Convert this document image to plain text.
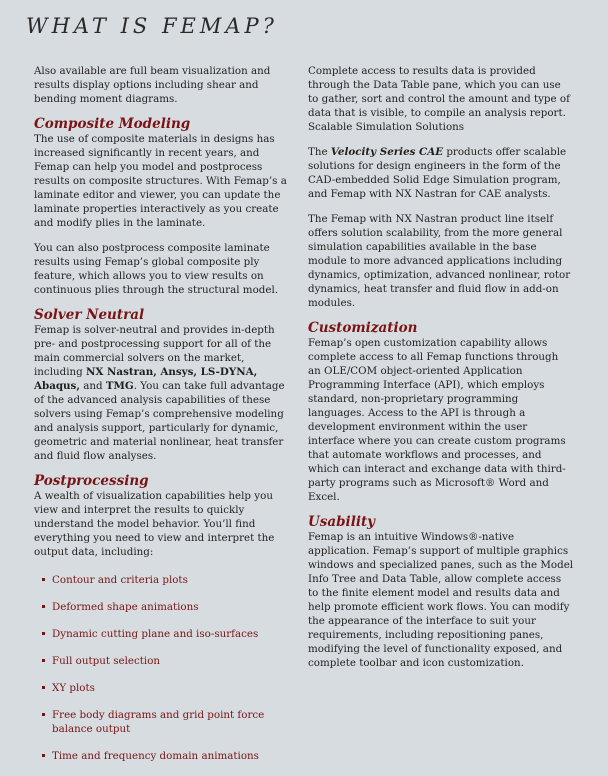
WHAT IS FEMAP?

Also available are full beam visualization and results display options including shear and bending moment diagrams.

Composite Modeling

The use of composite materials in designs has increased significantly in recent years, and Femap can help you model and postprocess results on composite structures. With Femap’s a laminate editor and viewer, you can update the laminate properties interactively as you create and modify plies in the laminate.

You can also postprocess composite laminate results using Femap’s global composite ply feature, which allows you to view results on continuous plies through the structural model.

Solver Neutral

Femap is solver-neutral and provides in-depth pre- and postprocessing support for all of the main commercial solvers on the market, including NX Nastran, Ansys, LS-DYNA, Abaqus, and TMG. You can take full advantage of the advanced analysis capabilities of these solvers using Femap’s comprehensive modeling and analysis support, particularly for dynamic, geometric and material nonlinear, heat transfer and fluid flow analyses.

Postprocessing

A wealth of visualization capabilities help you view and interpret the results to quickly understand the model behavior. You’ll find everything you need to view and interpret the output data, including:

Contour and criteria plots
Deformed shape animations
Dynamic cutting plane and iso-surfaces
Full output selection
XY plots
Free body diagrams and grid point force balance output
Time and frequency domain animations

Complete access to results data is provided through the Data Table pane, which you can use to gather, sort and control the amount and type of data that is visible, to compile an analysis report.

Scalable Simulation Solutions

The Velocity Series CAE products offer scalable solutions for design engineers in the form of the CAD-embedded Solid Edge Simulation program, and Femap with NX Nastran for CAE analysts.

The Femap with NX Nastran product line itself offers solution scalability, from the more general simulation capabilities available in the base module to more advanced applications including dynamics, optimization, advanced nonlinear, rotor dynamics, heat transfer and fluid flow in add-on modules.

Customization

Femap’s open customization capability allows complete access to all Femap functions through an OLE/COM object-oriented Application Programming Interface (API), which employs standard, non-proprietary programming languages. Access to the API is through a development environment within the user interface where you can create custom programs that automate workflows and processes, and which can interact and exchange data with third-party programs such as Microsoft® Word and Excel.

Usability

Femap is an intuitive Windows®-native application. Femap’s support of multiple graphics windows and specialized panes, such as the Model Info Tree and Data Table, allow complete access to the finite element model and results data and help promote efficient work flows. You can modify the appearance of the interface to suit your requirements, including repositioning panes, modifying the level of functionality exposed, and complete toolbar and icon customization.
